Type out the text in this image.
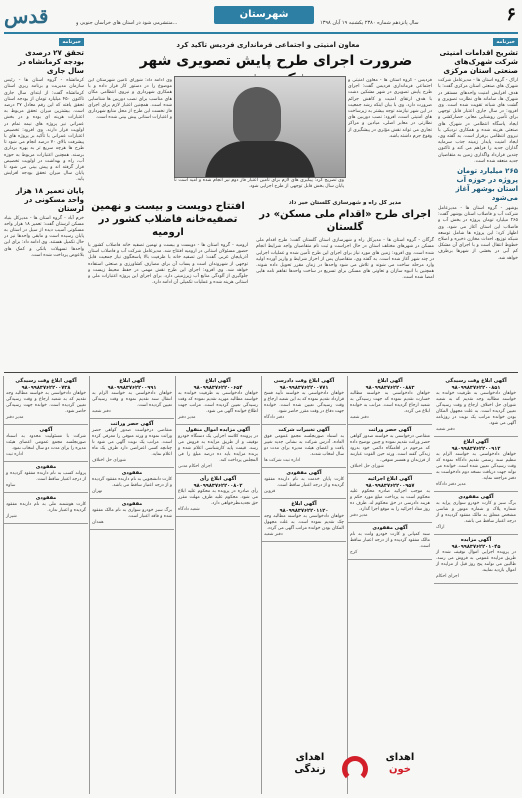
قدس	منتشرمی شود در استان های خراسان جنوبی و...
شهرستان
سال پانزدهم شماره ۲۳۸۰ یکشنبه ۱۹ آبان ۱۳۹۸	۶
خبرنامه
تحقق ۲۷ درصدی بودجه کرمانشاه در سال جاری
کرمانشاه - گروه استان ها - رئیس سازمان مدیریت و برنامه ریزی استان کرمانشاه گفت: از ابتدای سال جاری تاکنون ۴۵۰ میلیارد تومان از بودجه استان تحقق یافته که این رقم معادل ۲۷ درصد است. بیشترین میزان تحقق مربوط به اعتبارات هزینه ای بوده و در بخش عمرانی نیز پروژه های نیمه تمام در اولویت قرار دارند. وی افزود: تخصیص اعتبارات عمرانی با تأکید بر پروژه های با پیشرفت بالای ۷۰ درصد انجام می شود تا طرح ها هرچه سریع تر به بهره برداری برسند. همچنین اعتبارات مربوط به حوزه آب، راه و بهداشت در اولویت تخصیص قرار گرفته اند و پیش بینی می شود تا پایان سال میزان تحقق بودجه افزایش یابد.
پایان تعمیر ۱۸ هزار واحد مسکونی در لرستان
خرم آباد - گروه استان ها - مدیرکل بنیاد مسکن لرستان گفت: تعمیر ۱۸ هزار واحد مسکونی آسیب دیده از سیل در استان به پایان رسیده است و مابقی واحدها نیز در حال تکمیل هستند. وی ادامه داد: برای این واحدها تسهیلات بانکی و کمک های بلاعوض پرداخت شده است.
خبرنامه
تشریح اقدامات امنیتی شرکت شهرک‌های صنعتی استان مرکزی
اراک - گروه استان ها - مدیرعامل شرکت شهرک های صنعتی استان مرکزی گفت: با هدف افزایش امنیت واحدهای مستقر در شهرک ها، سامانه های نظارت تصویری و گشت های شبانه تقویت شده است. وی افزود: در سال جاری اعتبار قابل توجهی برای تأمین روشنایی معابر، حصارکشی و ایجاد پاسگاه انتظامی در شهرک های صنعتی هزینه شده و همکاری نزدیکی با نیروی انتظامی برقرار است. به گفته وی، ایجاد امنیت پایدار زمینه جذب سرمایه گذاران جدید را فراهم می کند و تاکنون چندین قرارداد واگذاری زمین به متقاضیان جدید منعقد شده است.
۲۶۵ میلیارد تومان پروژه در حوزه آب استان بوشهر آغاز می‌شود
بوشهر - گروه استان ها - مدیرعامل شرکت آب و فاضلاب استان بوشهر گفت: ۲۶۵ میلیارد تومان پروژه در بخش آب و فاضلاب این استان آغاز می شود. وی اظهار کرد: این پروژه ها شامل توسعه شبکه توزیع، احداث مخازن ذخیره و اصلاح خطوط انتقال است و با اجرای آن مشکل کم آبی در بخشی از شهرها برطرف خواهد شد.
معاون امنیتی و اجتماعی فرمانداری فردیس تاکید کرد
ضرورت اجرای طرح پایش تصویری شهر
وی ادامه داد: شورای تأمین شهرستان این موضوع را در دستور کار قرار داده و با همکاری شهرداری و نیروی انتظامی مکان های مناسب برای نصب دوربین ها شناسایی شده است. همچنین اعتبار لازم برای اجرای فاز نخست این طرح از محل منابع شهرداری و اعتبارات استانی پیش بینی شده است.
فردیس - گروه استان ها - معاون امنیتی و اجتماعی فرمانداری فردیس گفت: اجرای طرح پایش تصویری در شهر مشکین دشت با هدف ارتقای امنیت و کاهش جرائم ضرورت دارد. وی با بیان اینکه رشد جمعیت در این شهر نیازمند توجه بیشتر به زیرساخت های امنیتی است، افزود: نصب دوربین های نظارتی در معابر اصلی، میادین و مراکز تجاری می تواند نقش مؤثری در پیشگیری از وقوع جرم داشته باشد.
وی تصریح کرد: پیگیری های لازم برای تأمین اعتبار فاز دوم نیز انجام شده و امید است تا پایان سال بخش قابل توجهی از طرح اجرایی شود.
افتتاح دویست و بیست و نهمین تصفیه‌خانه فاضلاب کشور در ارومیه
ارومیه - گروه استان ها - دویست و بیست و نهمین تصفیه خانه فاضلاب کشور با حضور مسئولان استانی در ارومیه افتتاح شد. مدیرعامل شرکت آب و فاضلاب استان آذربایجان غربی گفت: این تصفیه خانه با ظرفیت بالا پاسخگوی نیاز جمعیت قابل توجهی از شهروندان است و پساب آن برای مصارف کشاورزی و صنعتی استفاده خواهد شد. وی افزود: اجرای این طرح نقش مهمی در حفظ محیط زیست و جلوگیری از آلودگی منابع آب زیرزمینی دارد. برای اجرای این پروژه اعتبارات ملی و استانی هزینه شده و عملیات تکمیلی آن ادامه دارد.
مدیر کل راه و شهرسازی گلستان خبر داد
اجرای طرح «اقدام ملی مسکن» در گلستان
گرگان - گروه استان ها - مدیرکل راه و شهرسازی استان گلستان گفت: طرح اقدام ملی مسکن در شهرهای مختلف استان در حال اجراست و ثبت نام متقاضیان واجد شرایط انجام شده است. وی افزود: زمین های مورد نیاز برای اجرای این طرح تأمین شده و عملیات اجرایی در چند شهر آغاز شده است. به گفته وی، متقاضیان پس از احراز شرایط و واریز آورده اولیه وارد مرحله ساخت می شوند و تلاش می شود واحدها در زمان مقرر تحویل داده شوند. همچنین با انبوه سازان و تعاونی های مسکن برای تسریع در ساخت واحدها تفاهم نامه هایی امضا شده است.
آگهی ابلاغ وقت رسیدگی
۹۸۰۹۹۸۳۷۶۲۲۰۰۸۵۱
خواهان دادخواستی به طرفیت خوانده به خواسته مطالبه وجه تقدیم که به شعبه شورای حل اختلاف ارجاع و وقت رسیدگی تعیین گردیده است. به علت مجهول المکان بودن خوانده مراتب یک نوبت در روزنامه آگهی می شود.
دفتر شعبه
آگهی ابلاغ
۹۸۰۹۹۸۳۷۶۲۲۰۰۹۱۲
خواهان دادخواستی به خواسته الزام به تنظیم سند رسمی تقدیم دادگاه نموده که وقت رسیدگی تعیین شده است. خوانده می تواند جهت دریافت نسخه دوم دادخواست به دفتر مراجعه نماید.
مدیر دفتر دادگاه
آگهی مفقودی
برگ سبز و کارت خودرو سواری پراید به شماره پلاک و شماره موتور و شاسی مشخص متعلق به مالک مفقود گردیده و از درجه اعتبار ساقط می باشد.
اراک
آگهی مزایده
۹۸۰۹۹۸۳۷۶۲۲۰۱۰۴۵
در پرونده اجرایی اموال توقیف شده از طریق مزایده عمومی به فروش می رسد. طالبین می توانند پنج روز قبل از مزایده از اموال بازدید نمایند.
اجرای احکام
آگهی ابلاغ
۹۸۰۹۹۸۳۷۶۲۲۰۰۸۸۳
خواهان دادخواستی به خواسته مطالبه خسارت تقدیم نموده که جهت رسیدگی به شعبه ارجاع گردیده است. مراتب به خوانده ابلاغ می گردد.
دفتر شعبه
آگهی حصر وراثت
متقاضی درخواستی به خواسته صدور گواهی حصر وراثت تقدیم نموده و چنین توضیح داده که مرحوم در اقامتگاه دائمی خود بدرود زندگی گفته است. ورثه حین الفوت عبارتند از فرزندان و همسر متوفی.
شورای حل اختلاف
آگهی ابلاغ اجرائیه
۹۸۰۹۹۸۳۷۶۲۲۰۰۹۵۷
به موجب اجرائیه صادره محکوم علیه محکوم است به پرداخت مبلغ مورد حکم و هزینه دادرسی در حق محکوم له. ظرف ده روز مفاد اجرائیه را به موقع اجرا گذارد.
مدیر دفتر
آگهی مفقودی
سند کمپانی و کارت خودرو وانت به نام مالک مفقود گردیده و از درجه اعتبار ساقط است.
کرج
آگهی ابلاغ وقت دادرسی
۹۸۰۹۹۸۳۷۶۲۲۰۰۷۷۱
خواهان دادخواستی به خواسته تأیید فسخ قرارداد تقدیم نموده که به این شعبه ارجاع و وقت رسیدگی تعیین شده است. خوانده جهت دفاع در وقت مقرر حاضر شود.
دفتر دادگاه
آگهی تغییرات شرکت
به استناد صورتجلسه مجمع عمومی فوق العاده، آدرس شرکت به نشانی جدید تغییر یافت و اعضای هیئت مدیره برای مدت دو سال انتخاب شدند.
اداره ثبت شرکت ها
آگهی مفقودی
کارت پایان خدمت به نام دارنده مفقود گردیده و از درجه اعتبار ساقط است.
قزوین
آگهی ابلاغ
۹۸۰۹۹۸۳۷۶۲۲۰۱۱۲۰
خواهان دادخواستی به خواسته مطالبه وجه چک تقدیم نموده است. به علت مجهول المکان بودن خوانده مراتب آگهی می گردد.
دفتر شعبه
آگهی ابلاغ
۹۸۰۹۹۸۳۷۶۲۲۰۰۶۵۴
خواهان دادخواستی به طرفیت خوانده به خواسته مطالبه مهریه تقدیم نموده که وقت رسیدگی تعیین گردیده است. مراتب جهت اطلاع خوانده آگهی می شود.
مدیر دفتر
آگهی مزایده اموال منقول
در پرونده کلاسه اجرایی یک دستگاه خودرو توقیف و از طریق مزایده به فروش می رسد. قیمت پایه کارشناسی اعلام شده و برنده مزایده باید ده درصد مبلغ را فی المجلس پرداخت کند.
اجرای احکام مدنی
آگهی ابلاغ رأی
۹۸۰۹۹۸۳۷۶۲۲۰۰۸۰۲
رأی صادره در پرونده به محکوم علیه ابلاغ می شود. محکوم علیه ظرف مهلت مقرر حق تجدیدنظرخواهی دارد.
شعبه دادگاه
آگهی ابلاغ
۹۸۰۹۹۸۳۷۶۲۲۰۰۹۹۱
خواهان دادخواستی به خواسته الزام به انتقال سند تقدیم نموده و وقت رسیدگی تعیین گردیده است.
دفتر شعبه
آگهی حصر وراثت
متقاضی درخواست صدور گواهی حصر وراثت نموده و ورثه متوفی را معرفی کرده است. مراتب یک نوبت آگهی می شود تا چنانچه کسی اعتراضی دارد ظرف یک ماه اعلام نماید.
شورای حل اختلاف
مفقودی
کارت دانشجویی به نام دارنده مفقود گردیده و از درجه اعتبار ساقط می باشد.
تهران
مفقودی
برگ سبز خودرو سواری به نام مالک مفقود شده و فاقد اعتبار است.
همدان
آگهی ابلاغ وقت رسیدگی
۹۸۰۹۹۸۳۷۶۲۲۰۰۷۳۸
خواهان دادخواستی به خواسته مطالبه وجه تقدیم که به شعبه ارجاع و وقت رسیدگی تعیین گردیده است. خوانده جهت رسیدگی حاضر شود.
مدیر دفتر
آگهی
شرکت با مسئولیت محدود به استناد صورتجلسه مجمع عمومی اعضای هیئت مدیره را برای مدت دو سال انتخاب نمود.
اداره ثبت
مفقودی
پروانه کسب به نام دارنده مفقود گردیده و از درجه اعتبار ساقط است.
ساوه
مفقودی
کارت هوشمند ملی به نام دارنده مفقود گردیده و اعتبار ندارد.
شیراز
اهدای
خون
اهدای
زندگی
